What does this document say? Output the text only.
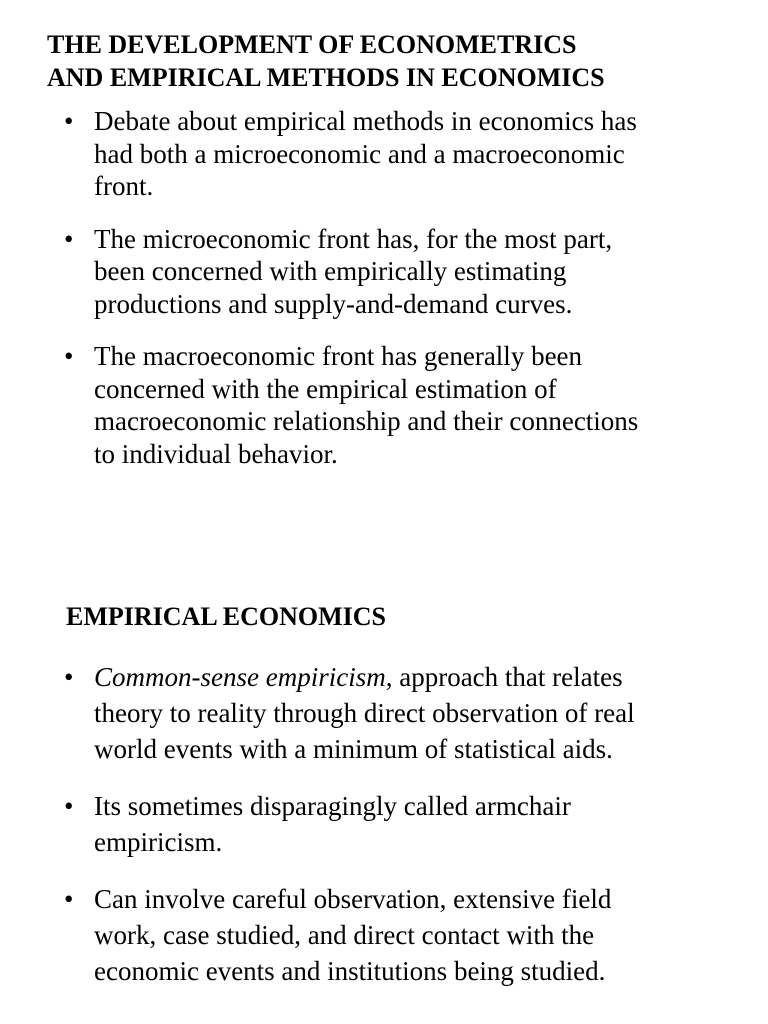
THE DEVELOPMENT OF ECONOMETRICS
AND EMPIRICAL METHODS IN ECONOMICS
• Debate about empirical methods in economics has
had both a microeconomic and a macroeconomic
front.
• The microeconomic front has, for the most part,
been concerned with empirically estimating
productions and supply-and-demand curves.
• The macroeconomic front has generally been
concerned with the empirical estimation of
macroeconomic relationship and their connections
to individual behavior.
EMPIRICAL ECONOMICS
• Common-sense empiricism, approach that relates
theory to reality through direct observation of real
world events with a minimum of statistical aids.
• Its sometimes disparagingly called armchair
empiricism.
• Can involve careful observation, extensive field
work, case studied, and direct contact with the
economic events and institutions being studied.
